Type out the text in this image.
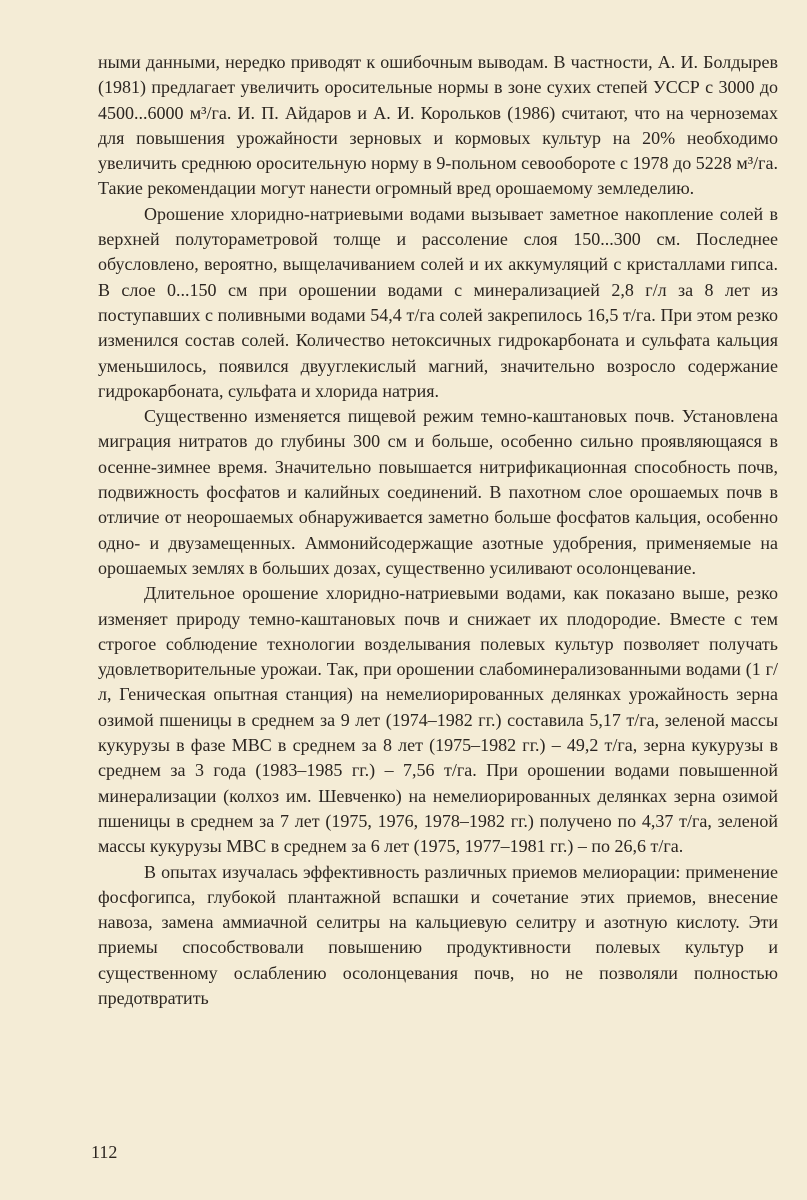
ными данными, нередко приводят к ошибочным выводам. В частности, А. И. Болдырев (1981) предлагает увеличить оросительные нормы в зоне сухих степей УССР с 3000 до 4500...6000 м³/га. И. П. Айдаров и А. И. Корольков (1986) считают, что на черноземах для повышения урожайности зерновых и кормовых культур на 20% необходимо увеличить среднюю оросительную норму в 9-польном севообороте с 1978 до 5228 м³/га. Такие рекомендации могут нанести огромный вред орошаемому земледелию.

Орошение хлоридно-натриевыми водами вызывает заметное накопление солей в верхней полутораметровой толще и рассоление слоя 150...300 см. Последнее обусловлено, вероятно, выщелачиванием солей и их аккумуляций с кристаллами гипса. В слое 0...150 см при орошении водами с минерализацией 2,8 г/л за 8 лет из поступавших с поливными водами 54,4 т/га солей закрепилось 16,5 т/га. При этом резко изменился состав солей. Количество нетоксичных гидрокарбоната и сульфата кальция уменьшилось, появился двууглекислый магний, значительно возросло содержание гидрокарбоната, сульфата и хлорида натрия.

Существенно изменяется пищевой режим темно-каштановых почв. Установлена миграция нитратов до глубины 300 см и больше, особенно сильно проявляющаяся в осенне-зимнее время. Значительно повышается нитрификационная способность почв, подвижность фосфатов и калийных соединений. В пахотном слое орошаемых почв в отличие от неорошаемых обнаруживается заметно больше фосфатов кальция, особенно одно- и двузамещенных. Аммонийсодержащие азотные удобрения, применяемые на орошаемых землях в больших дозах, существенно усиливают осолонцевание.

Длительное орошение хлоридно-натриевыми водами, как показано выше, резко изменяет природу темно-каштановых почв и снижает их плодородие. Вместе с тем строгое соблюдение технологии возделывания полевых культур позволяет получать удовлетворительные урожаи. Так, при орошении слабоминерализованными водами (1 г/л, Геническая опытная станция) на немелиорированных делянках урожайность зерна озимой пшеницы в среднем за 9 лет (1974–1982 гг.) составила 5,17 т/га, зеленой массы кукурузы в фазе МВС в среднем за 8 лет (1975–1982 гг.) – 49,2 т/га, зерна кукурузы в среднем за 3 года (1983–1985 гг.) – 7,56 т/га. При орошении водами повышенной минерализации (колхоз им. Шевченко) на немелиорированных делянках зерна озимой пшеницы в среднем за 7 лет (1975, 1976, 1978–1982 гг.) получено по 4,37 т/га, зеленой массы кукурузы МВС в среднем за 6 лет (1975, 1977–1981 гг.) – по 26,6 т/га.

В опытах изучалась эффективность различных приемов мелиорации: применение фосфогипса, глубокой плантажной вспашки и сочетание этих приемов, внесение навоза, замена аммиачной селитры на кальциевую селитру и азотную кислоту. Эти приемы способствовали повышению продуктивности полевых культур и существенному ослаблению осолонцевания почв, но не позволяли полностью предотвратить

112
